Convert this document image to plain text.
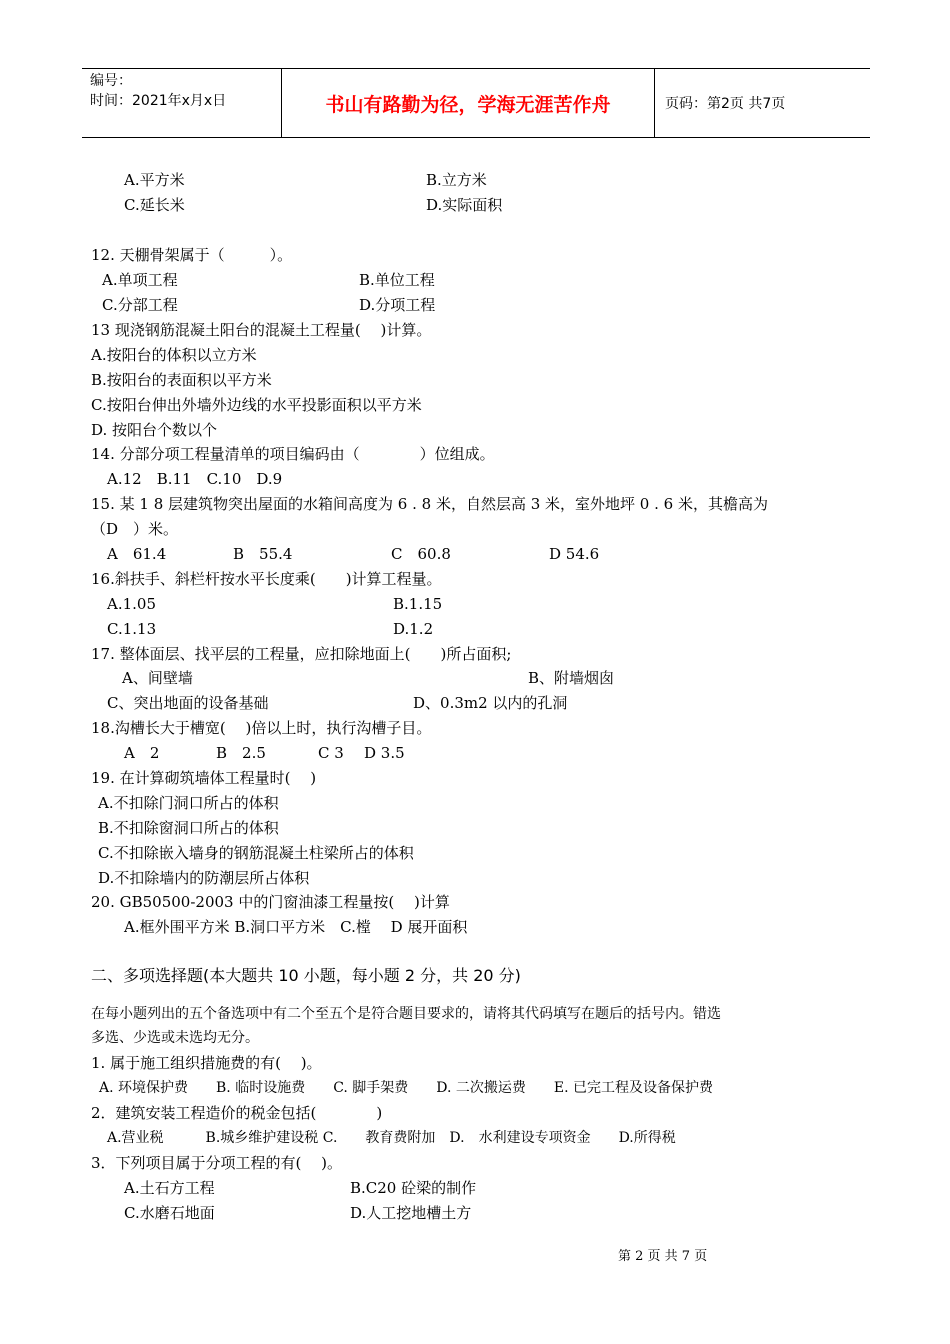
编号：
时间：2021年x月x日	书山有路勤为径，学海无涯苦作舟	页码：第2页 共7页
A.平方米	B.立方米
C.延长米	D.实际面积
12. 天棚骨架属于（　　　）。
A.单项工程	B.单位工程
C.分部工程	D.分项工程
13 现浇钢筋混凝土阳台的混凝土工程量(　 )计算。
A.按阳台的体积以立方米
B.按阳台的表面积以平方米
C.按阳台伸出外墙外边线的水平投影面积以平方米
D. 按阳台个数以个
14. 分部分项工程量清单的项目编码由（　　　　）位组成。
A.12　B.11　C.10　D.9
15. 某 1 8 层建筑物突出屋面的水箱间高度为 6 . 8 米，自然层高 3 米，室外地坪 0 . 6 米，其檐高为
（D　）米。
A　61.4	B　55.4	C　60.8	D 54.6
16.斜扶手、斜栏杆按水平长度乘(　　)计算工程量。
A.1.05	B.1.15
C.1.13	D.1.2
17. 整体面层、找平层的工程量，应扣除地面上(　　)所占面积;
A、间壁墙	B、附墙烟囱
C、突出地面的设备基础	D、0.3m2 以内的孔洞
18.沟槽长大于槽宽(　 )倍以上时，执行沟槽子目。
A　2	B　2.5	C 3 D 3.5
19. 在计算砌筑墙体工程量时(　 )
A.不扣除门洞口所占的体积
B.不扣除窗洞口所占的体积
C.不扣除嵌入墙身的钢筋混凝土柱梁所占的体积
D.不扣除墙内的防潮层所占体积
20. GB50500-2003 中的门窗油漆工程量按(　 )计算
A.框外围平方米 B.洞口平方米　C.樘　 D 展开面积
二、多项选择题(本大题共 10 小题，每小题 2 分，共 20 分)
在每小题列出的五个备选项中有二个至五个是符合题目要求的，请将其代码填写在题后的括号内。错选
多选、少选或未选均无分。
1. 属于施工组织措施费的有(　 )。
A. 环境保护费　　B. 临时设施费　　C. 脚手架费　　D. 二次搬运费　　E. 已完工程及设备保护费
2．建筑安装工程造价的税金包括(　　　　)
A.营业税　　　B.城乡维护建设税 C.　　教育费附加　D.　水利建设专项资金　　D.所得税
3．下列项目属于分项工程的有(　 )。
A.土石方工程	B.C20 砼梁的制作
C.水磨石地面	D.人工挖地槽土方
第 2 页 共 7 页
